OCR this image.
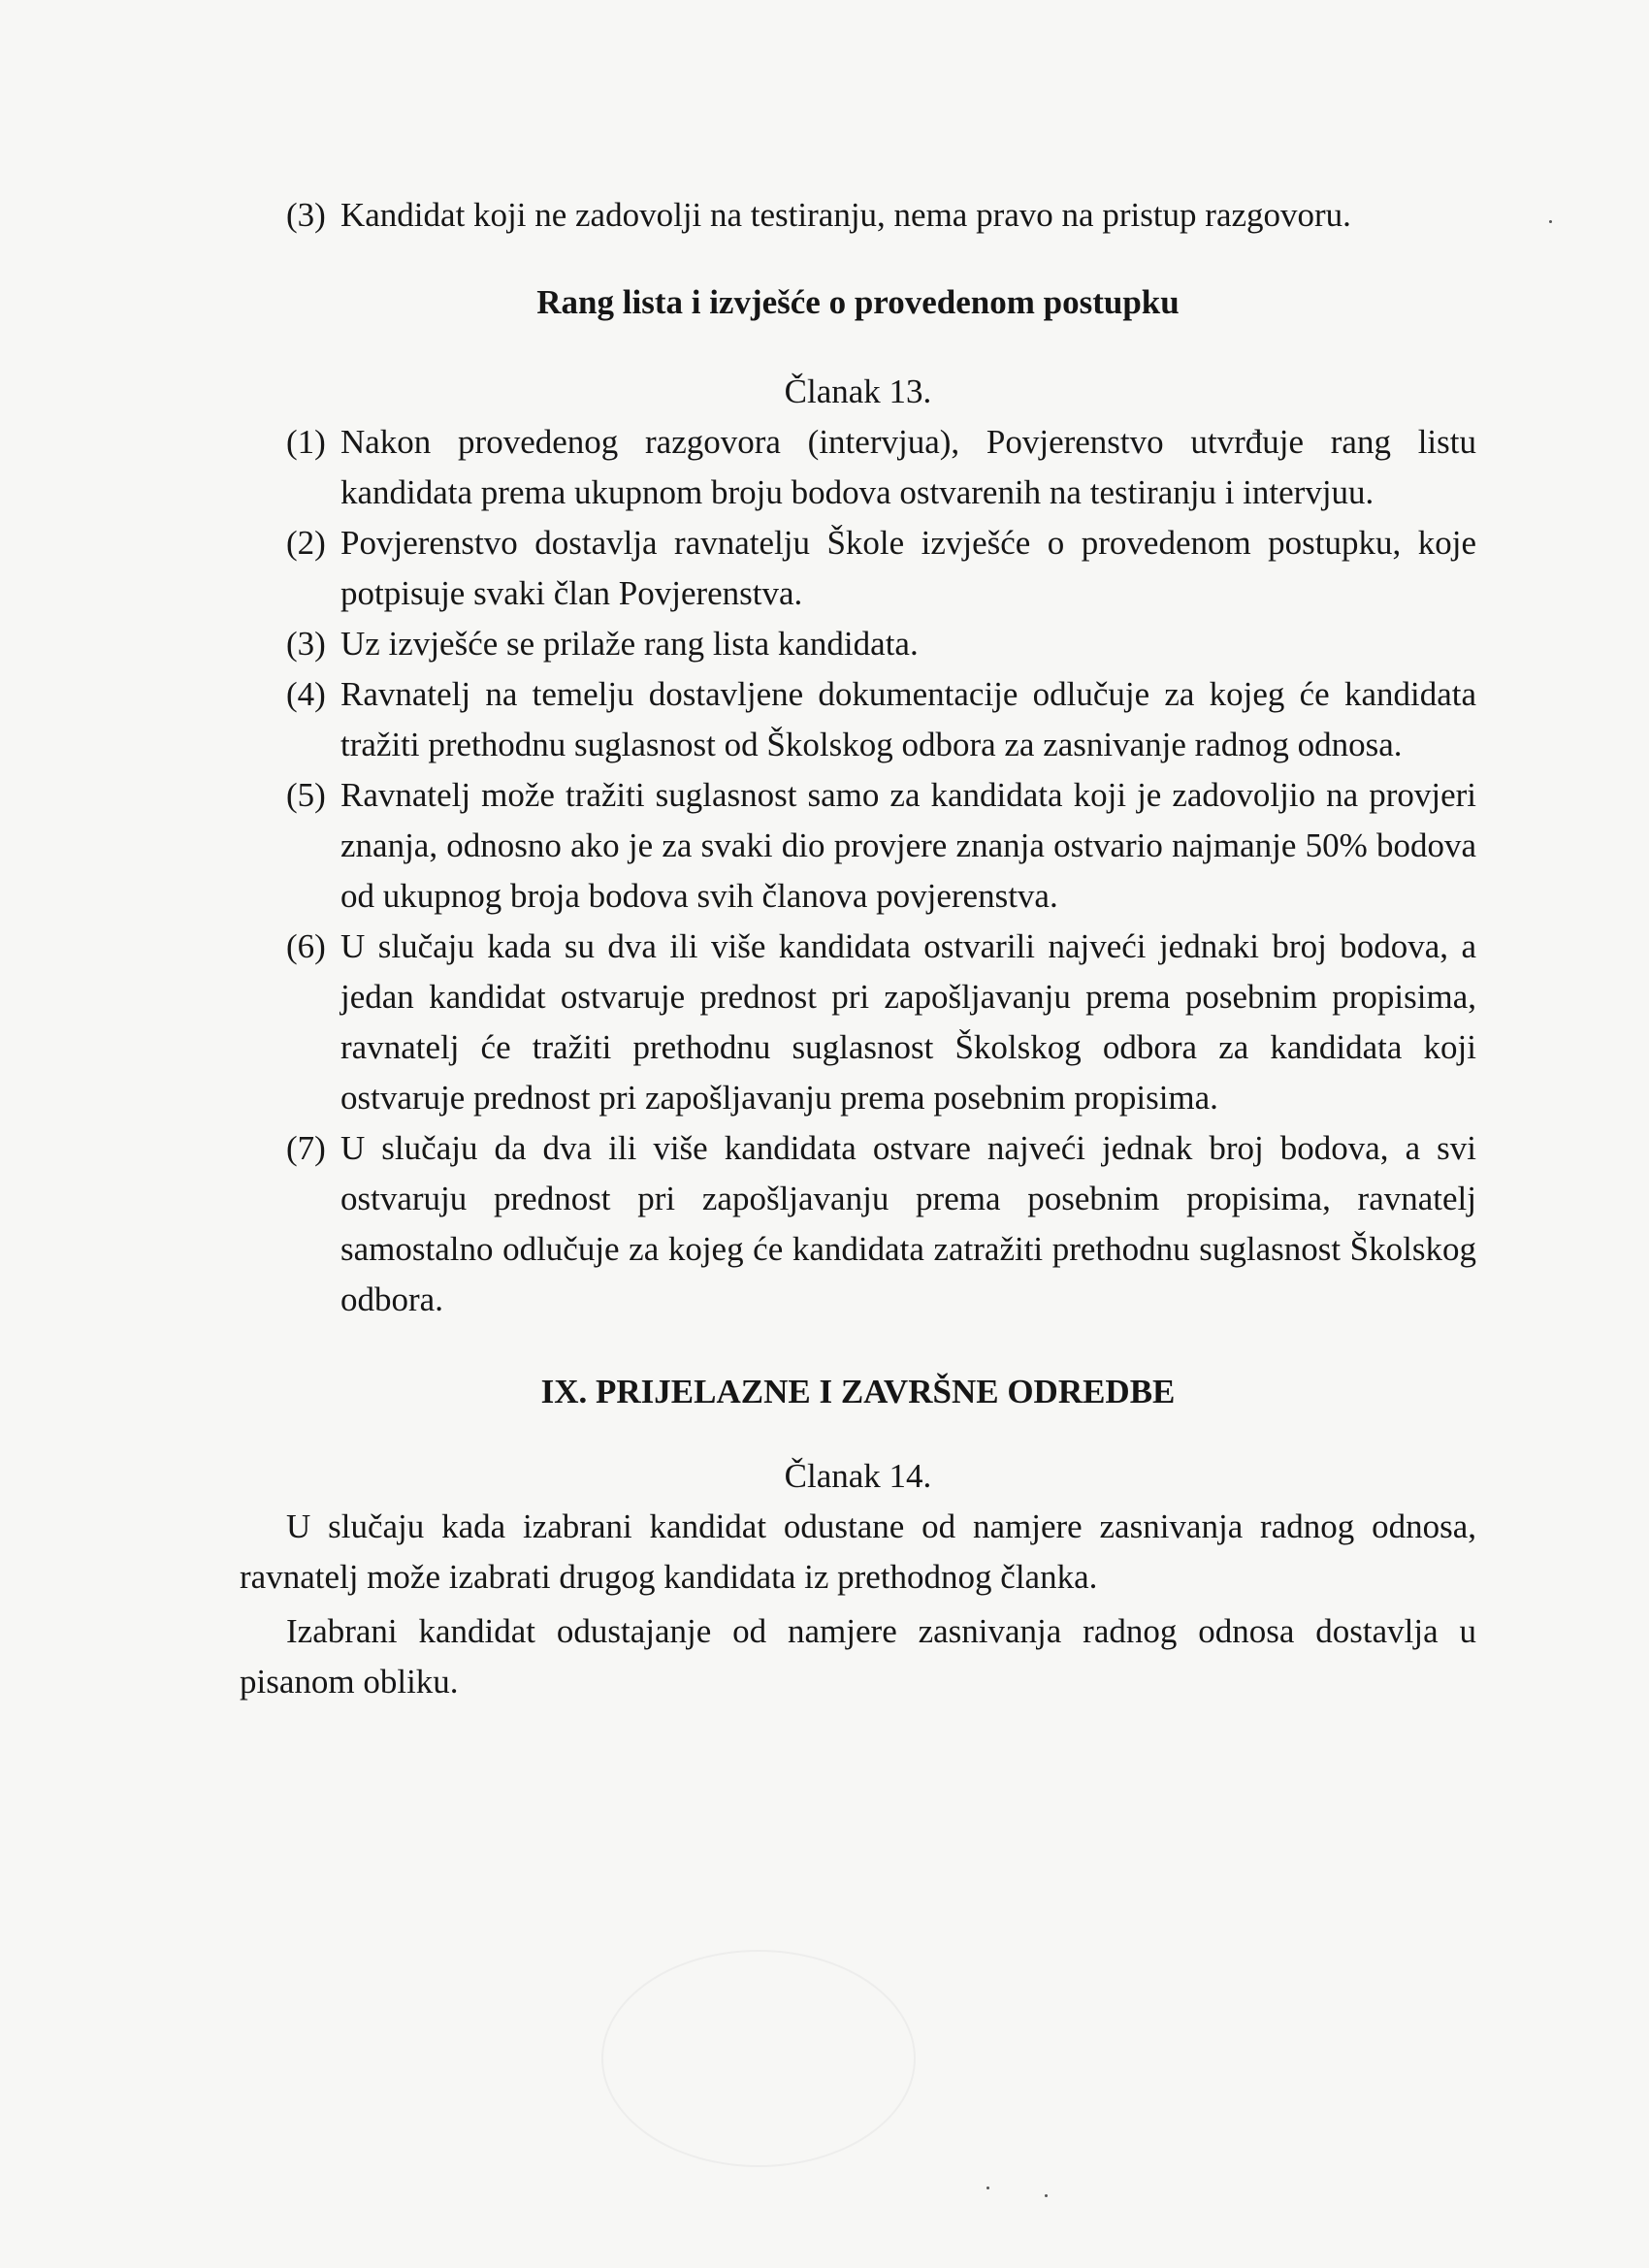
(3) Kandidat koji ne zadovolji na testiranju, nema pravo na pristup razgovoru.
Rang lista i izvješće o provedenom postupku
Članak 13.
(1) Nakon provedenog razgovora (intervjua), Povjerenstvo utvrđuje rang listu kandidata prema ukupnom broju bodova ostvarenih na testiranju i intervjuu.
(2) Povjerenstvo dostavlja ravnatelju Škole izvješće o provedenom postupku, koje potpisuje svaki član Povjerenstva.
(3) Uz izvješće se prilaže rang lista kandidata.
(4) Ravnatelj na temelju dostavljene dokumentacije odlučuje za kojeg će kandidata tražiti prethodnu suglasnost od Školskog odbora za zasnivanje radnog odnosa.
(5) Ravnatelj može tražiti suglasnost samo za kandidata koji je zadovoljio na provjeri znanja, odnosno ako je za svaki dio provjere znanja ostvario najmanje 50% bodova od ukupnog broja bodova svih članova povjerenstva.
(6) U slučaju kada su dva ili više kandidata ostvarili najveći jednaki broj bodova, a jedan kandidat ostvaruje prednost pri zapošljavanju prema posebnim propisima, ravnatelj će tražiti prethodnu suglasnost Školskog odbora za kandidata koji ostvaruje prednost pri zapošljavanju prema posebnim propisima.
(7) U slučaju da dva ili više kandidata ostvare najveći jednak broj bodova, a svi ostvaruju prednost pri zapošljavanju prema posebnim propisima, ravnatelj samostalno odlučuje za kojeg će kandidata zatražiti prethodnu suglasnost Školskog odbora.
IX. PRIJELAZNE I ZAVRŠNE ODREDBE
Članak 14.

U slučaju kada izabrani kandidat odustane od namjere zasnivanja radnog odnosa, ravnatelj može izabrati drugog kandidata iz prethodnog članka.

Izabrani kandidat odustajanje od namjere zasnivanja radnog odnosa dostavlja u pisanom obliku.
